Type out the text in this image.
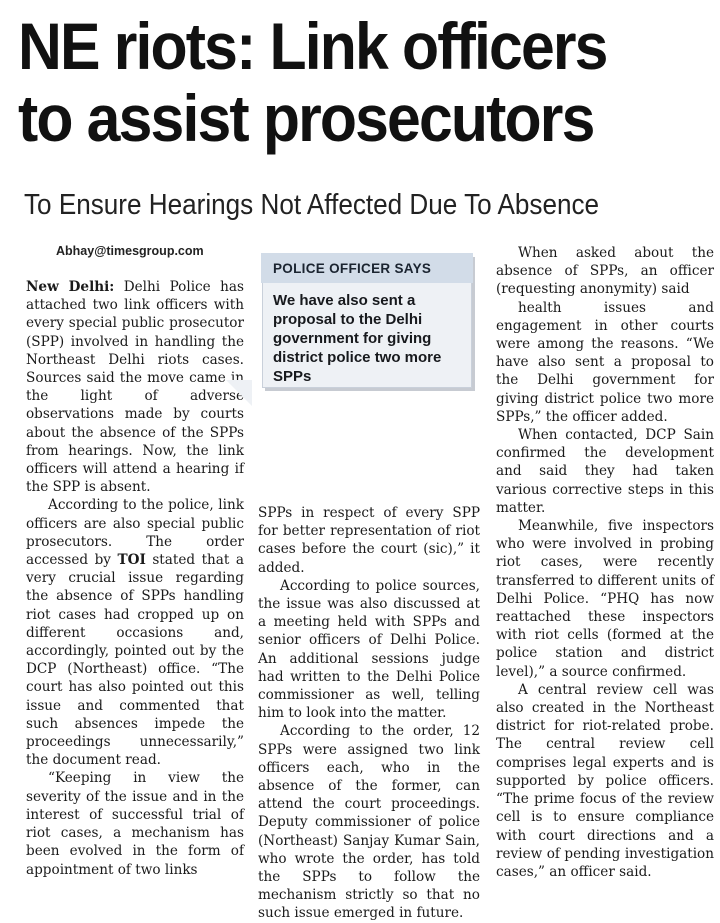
NE riots: Link officers
to assist prosecutors
To Ensure Hearings Not Affected Due To Absence
Abhay@timesgroup.com

New Delhi: Delhi Police has attached two link officers with every special public prosecutor (SPP) involved in handling the Northeast Delhi riots cases. Sources said the move came in the light of adverse observations made by courts about the absence of the SPPs from hearings. Now, the link officers will attend a hearing if the SPP is absent.

According to the police, link officers are also special public prosecutors. The order accessed by TOI stated that a very crucial issue regarding the absence of SPPs handling riot cases had cropped up on different occasions and, accordingly, pointed out by the DCP (Northeast) office. “The court has also pointed out this issue and commented that such absences impede the proceedings unnecessarily,” the document read.

“Keeping in view the severity of the issue and in the interest of successful trial of riot cases, a mechanism has been evolved in the form of appointment of two links

POLICE OFFICER SAYS
We have also sent a proposal to the Delhi government for giving district police two more SPPs

SPPs in respect of every SPP for better representation of riot cases before the court (sic),” it added.

According to police sources, the issue was also discussed at a meeting held with SPPs and senior officers of Delhi Police. An additional sessions judge had written to the Delhi Police commissioner as well, telling him to look into the matter.

According to the order, 12 SPPs were assigned two link officers each, who in the absence of the former, can attend the court proceedings. Deputy commissioner of police (Northeast) Sanjay Kumar Sain, who wrote the order, has told the SPPs to follow the mechanism strictly so that no such issue emerged in future.

When asked about the absence of SPPs, an officer (requesting anonymity) said

health issues and engagement in other courts were among the reasons. “We have also sent a proposal to the Delhi government for giving district police two more SPPs,” the officer added.

When contacted, DCP Sain confirmed the development and said they had taken various corrective steps in this matter.

Meanwhile, five inspectors who were involved in probing riot cases, were recently transferred to different units of Delhi Police. “PHQ has now reattached these inspectors with riot cells (formed at the police station and district level),” a source confirmed.

A central review cell was also created in the Northeast district for riot-related probe. The central review cell comprises legal experts and is supported by police officers. “The prime focus of the review cell is to ensure compliance with court directions and a review of pending investigation cases,” an officer said.
